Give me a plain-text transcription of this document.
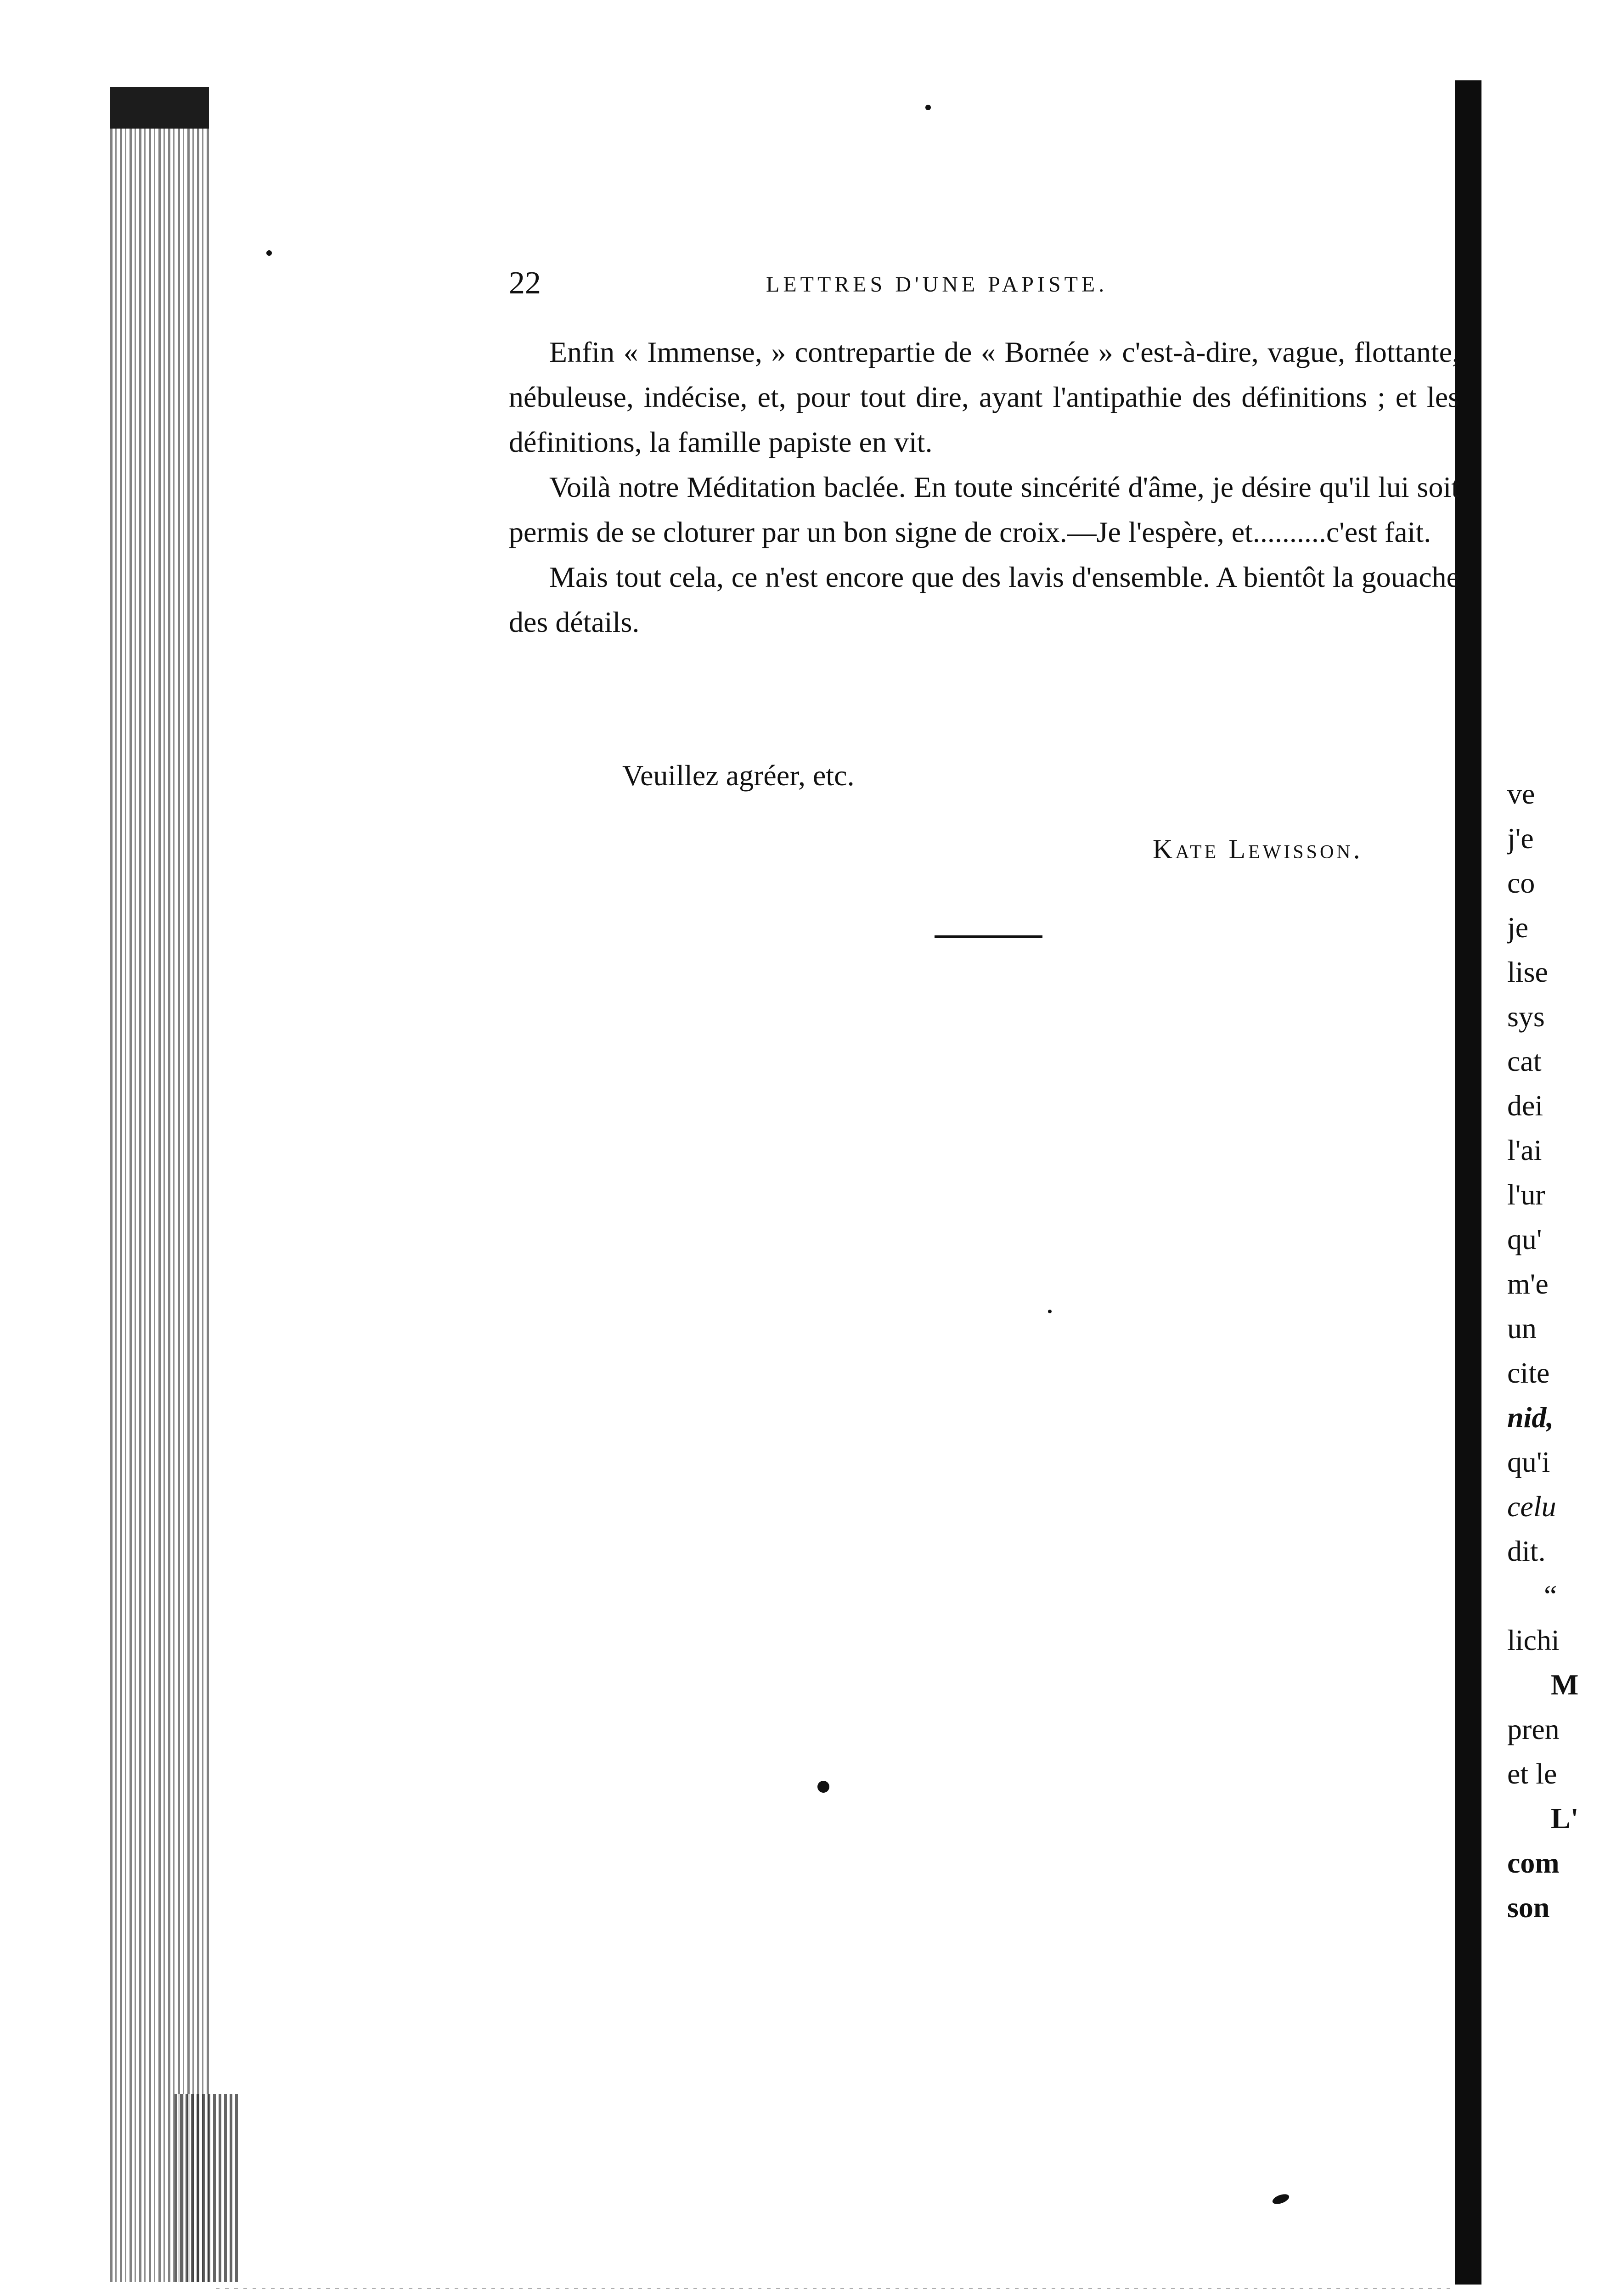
22	LETTRES D'UNE PAPISTE.

Enfin « Immense, » contrepartie de « Bornée » c'est-à-dire, vague, flottante, nébuleuse, indécise, et, pour tout dire, ayant l'antipathie des définitions ; et les définitions, la famille papiste en vit.

Voilà notre Méditation baclée. En toute sincérité d'âme, je désire qu'il lui soit permis de se cloturer par un bon signe de croix.—Je l'espère, et..........c'est fait.

Mais tout cela, ce n'est encore que des lavis d'ensemble. A bientôt la gouache des détails.

Veuillez agréer, etc.
Kate Lewisson.
ve
j'e
co
je
lise
sys
cat
dei
l'ai
l'ur
qu'
m'e
un
cite
nid,
qu'i
celu
dit.
“
lichi
M
pren
et le
L'
com
son
